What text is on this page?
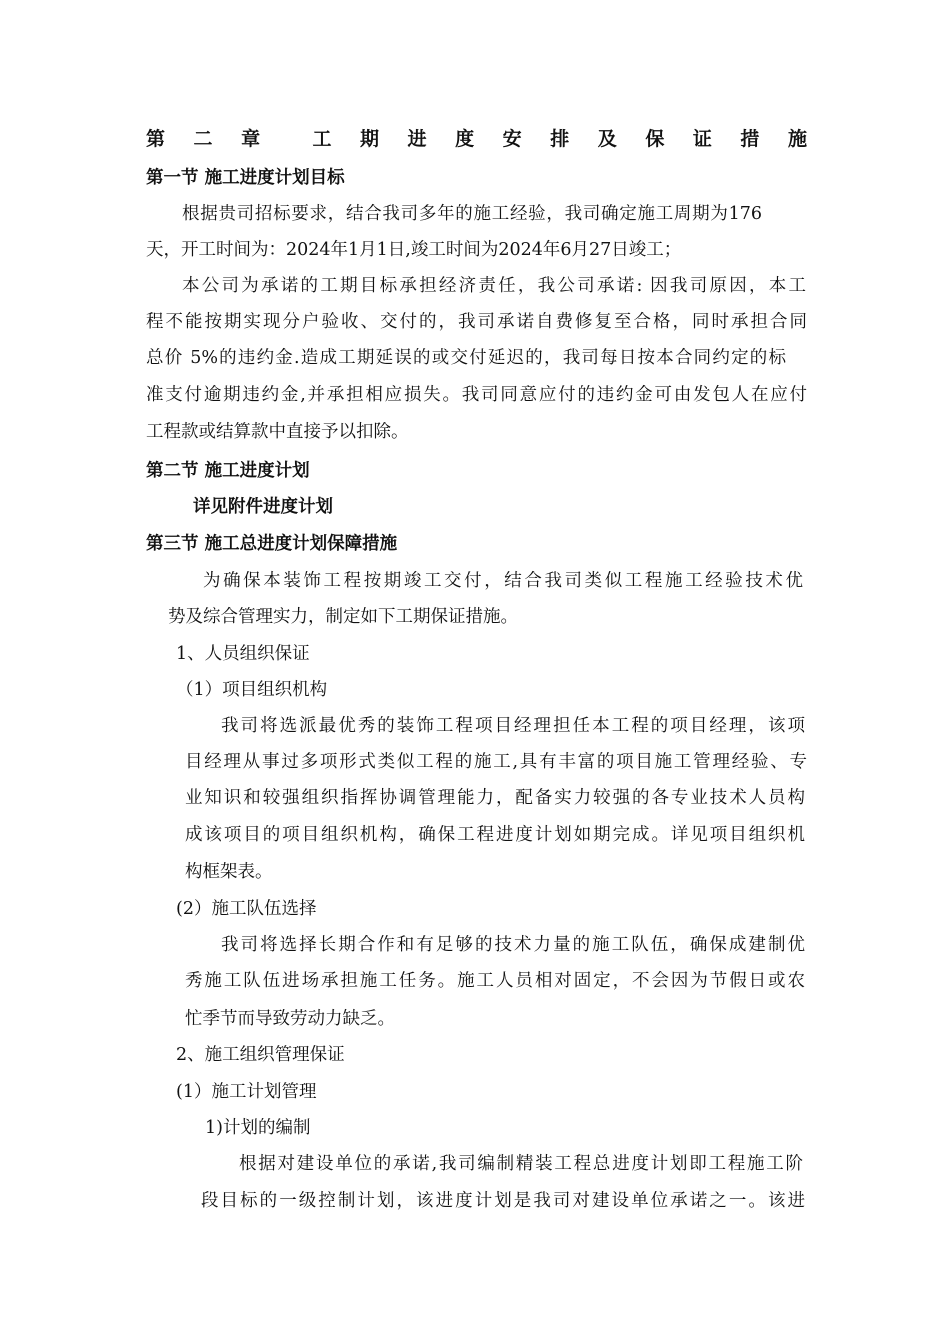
第　二　章　　工　期　进　度　安　排　及　保　证　措　施
第一节 施工进度计划目标
根据贵司招标要求，结合我司多年的施工经验，我司确定施工周期为176
天，开工时间为：2024年1月1日,竣工时间为2024年6月27日竣工；
本公司为承诺的工期目标承担经济责任，我公司承诺: 因我司原因，本工
程不能按期实现分户验收、交付的，我司承诺自费修复至合格，同时承担合同
总价 5%的违约金.造成工期延误的或交付延迟的，我司每日按本合同约定的标
准支付逾期违约金,并承担相应损失。我司同意应付的违约金可由发包人在应付
工程款或结算款中直接予以扣除。
第二节 施工进度计划
详见附件进度计划
第三节 施工总进度计划保障措施
为确保本装饰工程按期竣工交付，结合我司类似工程施工经验技术优
势及综合管理实力，制定如下工期保证措施。
1、人员组织保证
（1）项目组织机构
我司将选派最优秀的装饰工程项目经理担任本工程的项目经理，该项
目经理从事过多项形式类似工程的施工,具有丰富的项目施工管理经验、专
业知识和较强组织指挥协调管理能力，配备实力较强的各专业技术人员构
成该项目的项目组织机构，确保工程进度计划如期完成。详见项目组织机
构框架表。
(2）施工队伍选择
我司将选择长期合作和有足够的技术力量的施工队伍，确保成建制优
秀施工队伍进场承担施工任务。施工人员相对固定，不会因为节假日或农
忙季节而导致劳动力缺乏。
2、施工组织管理保证
(1）施工计划管理
1)计划的编制
根据对建设单位的承诺,我司编制精装工程总进度计划即工程施工阶
段目标的一级控制计划，该进度计划是我司对建设单位承诺之一。该进
